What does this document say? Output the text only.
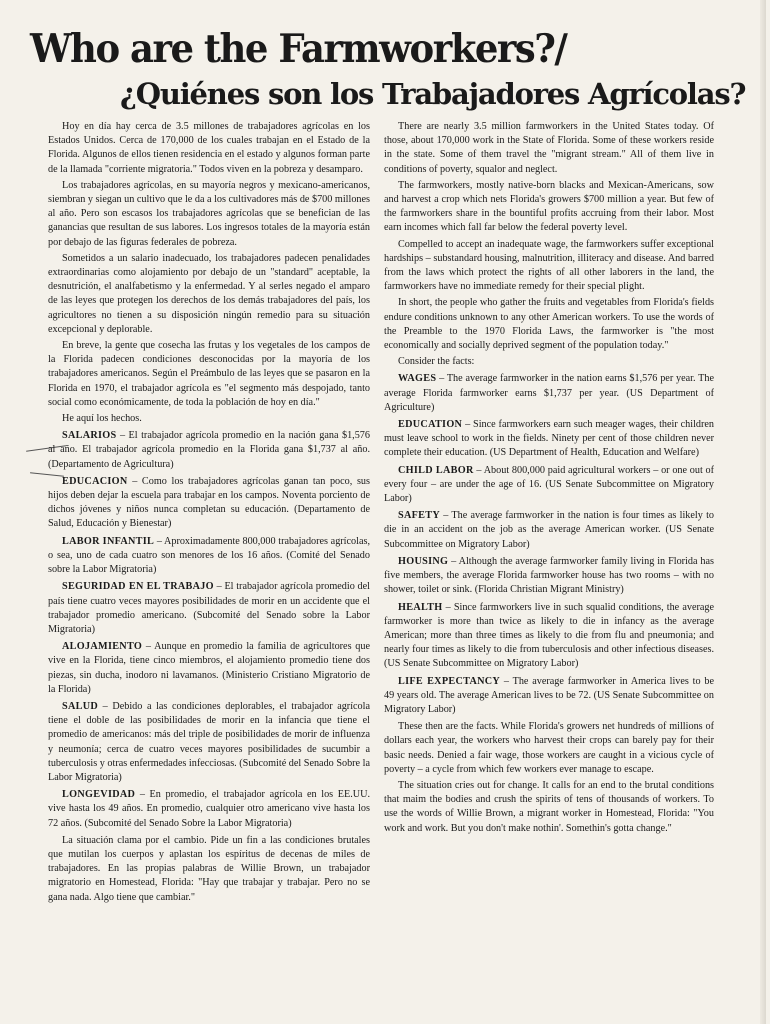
Who are the Farmworkers?/
¿Quiénes son los Trabajadores Agrícolas?

Hoy en día hay cerca de 3.5 millones de trabajadores agrícolas en los Estados Unidos. Cerca de 170,000 de los cuales trabajan en el Estado de la Florida. Algunos de ellos tienen residencia en el estado y algunos forman parte de la llamada "corriente migratoria." Todos viven en la pobreza y desamparo.

Los trabajadores agrícolas, en su mayoría negros y mexicano-americanos, siembran y siegan un cultivo que le da a los cultivadores más de $700 millones al año. Pero son escasos los trabajadores agrícolas que se benefician de las ganancias que resultan de sus labores. Los ingresos totales de la mayoría están por debajo de las figuras federales de pobreza.

Sometidos a un salario inadecuado, los trabajadores padecen penalidades extraordinarias como alojamiento por debajo de un "standard" aceptable, la desnutrición, el analfabetismo y la enfermedad. Y al serles negado el amparo de las leyes que protegen los derechos de los demás trabajadores del país, los agricultores no tienen a su disposición ningún remedio para su situación excepcional y deplorable.

En breve, la gente que cosecha las frutas y los vegetales de los campos de la Florida padecen condiciones desconocidas por la mayoría de los trabajadores americanos. Según el Preámbulo de las leyes que se pasaron en la Florida en 1970, el trabajador agrícola es "el segmento más despojado, tanto social como económicamente, de toda la población de hoy en día."

He aquí los hechos.

SALARIOS – El trabajador agrícola promedio en la nación gana $1,576 al año. El trabajador agrícola promedio en la Florida gana $1,737 al año. (Departamento de Agricultura)

EDUCACION – Como los trabajadores agrícolas ganan tan poco, sus hijos deben dejar la escuela para trabajar en los campos. Noventa porciento de dichos jóvenes y niños nunca completan su educación. (Departamento de Salud, Educación y Bienestar)

LABOR INFANTIL – Aproximadamente 800,000 trabajadores agrícolas, o sea, uno de cada cuatro son menores de los 16 años. (Comité del Senado sobre la Labor Migratoria)

SEGURIDAD EN EL TRABAJO – El trabajador agrícola promedio del país tiene cuatro veces mayores posibilidades de morir en un accidente que el trabajador promedio americano. (Subcomité del Senado sobre la Labor Migratoria)

ALOJAMIENTO – Aunque en promedio la familia de agricultores que vive en la Florida, tiene cinco miembros, el alojamiento promedio tiene dos piezas, sin ducha, inodoro ni lavamanos. (Ministerio Cristiano Migratorio de la Florida)

SALUD – Debido a las condiciones deplorables, el trabajador agrícola tiene el doble de las posibilidades de morir en la infancia que tiene el promedio de americanos: más del triple de posibilidades de morir de influenza y neumonía; cerca de cuatro veces mayores posibilidades de sucumbir a tuberculosis y otras enfermedades infecciosas. (Subcomité del Senado Sobre la Labor Migratoria)

LONGEVIDAD – En promedio, el trabajador agrícola en los EE.UU. vive hasta los 49 años. En promedio, cualquier otro americano vive hasta los 72 años. (Subcomité del Senado Sobre la Labor Migratoria)

La situación clama por el cambio. Pide un fin a las condiciones brutales que mutilan los cuerpos y aplastan los espíritus de decenas de miles de trabajadores. En las propias palabras de Willie Brown, un trabajador migratorio en Homestead, Florida: "Hay que trabajar y trabajar. Pero no se gana nada. Algo tiene que cambiar."

There are nearly 3.5 million farmworkers in the United States today. Of those, about 170,000 work in the State of Florida. Some of these workers reside in the state. Some of them travel the "migrant stream." All of them live in conditions of poverty, squalor and neglect.

The farmworkers, mostly native-born blacks and Mexican-Americans, sow and harvest a crop which nets Florida's growers $700 million a year. But few of the farmworkers share in the bountiful profits accruing from their labor. Most earn incomes which fall far below the federal poverty level.

Compelled to accept an inadequate wage, the farmworkers suffer exceptional hardships – substandard housing, malnutrition, illiteracy and disease. And barred from the laws which protect the rights of all other laborers in the land, the farmworkers have no immediate remedy for their special plight.

In short, the people who gather the fruits and vegetables from Florida's fields endure conditions unknown to any other American workers. To use the words of the Preamble to the 1970 Florida Laws, the farmworker is "the most economically and socially deprived segment of the population today."

Consider the facts:

WAGES – The average farmworker in the nation earns $1,576 per year. The average Florida farmworker earns $1,737 per year. (US Department of Agriculture)

EDUCATION – Since farmworkers earn such meager wages, their children must leave school to work in the fields. Ninety per cent of those children never complete their education. (US Department of Health, Education and Welfare)

CHILD LABOR – About 800,000 paid agricultural workers – or one out of every four – are under the age of 16. (US Senate Subcommittee on Migratory Labor)

SAFETY – The average farmworker in the nation is four times as likely to die in an accident on the job as the average American worker. (US Senate Subcommittee on Migratory Labor)

HOUSING – Although the average farmworker family living in Florida has five members, the average Florida farmworker house has two rooms – with no shower, toilet or sink. (Florida Christian Migrant Ministry)

HEALTH – Since farmworkers live in such squalid conditions, the average farmworker is more than twice as likely to die in infancy as the average American; more than three times as likely to die from flu and pneumonia; and nearly four times as likely to die from tuberculosis and other infectious diseases. (US Senate Subcommittee on Migratory Labor)

LIFE EXPECTANCY – The average farmworker in America lives to be 49 years old. The average American lives to be 72. (US Senate Subcommittee on Migratory Labor)

These then are the facts. While Florida's growers net hundreds of millions of dollars each year, the workers who harvest their crops can barely pay for their basic needs. Denied a fair wage, those workers are caught in a vicious cycle of poverty – a cycle from which few workers ever manage to escape.

The situation cries out for change. It calls for an end to the brutal conditions that maim the bodies and crush the spirits of tens of thousands of workers. To use the words of Willie Brown, a migrant worker in Homestead, Florida: "You work and work. But you don't make nothin'. Somethin's gotta change."
